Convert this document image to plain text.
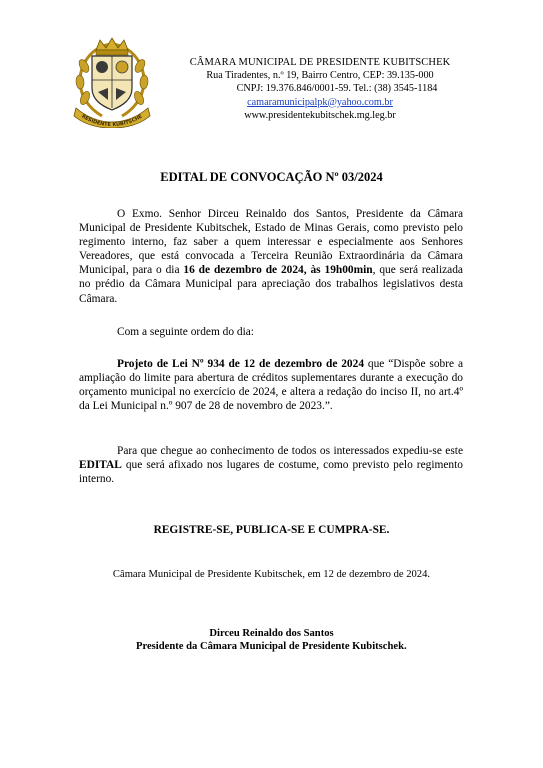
RESIDENTE KUBITSCHE
CÂMARA MUNICIPAL DE PRESIDENTE KUBITSCHEK
Rua Tiradentes, n.º 19, Bairro Centro, CEP: 39.135-000
CNPJ: 19.376.846/0001-59. Tel.: (38) 3545-1184
camaramunicipalpk@yahoo.com.br
www.presidentekubitschek.mg.leg.br
EDITAL DE CONVOCAÇÃO Nº 03/2024
O Exmo. Senhor Dirceu Reinaldo dos Santos, Presidente da Câmara Municipal de Presidente Kubitschek, Estado de Minas Gerais, como previsto pelo regimento interno, faz saber a quem interessar e especialmente aos Senhores Vereadores, que está convocada a Terceira Reunião Extraordinária da Câmara Municipal, para o dia 16 de dezembro de 2024, às 19h00min, que será realizada no prédio da Câmara Municipal para apreciação dos trabalhos legislativos desta Câmara.
Com a seguinte ordem do dia:
Projeto de Lei Nº 934 de 12 de dezembro de 2024 que “Dispõe sobre a ampliação do limite para abertura de créditos suplementares durante a execução do orçamento municipal no exercício de 2024, e altera a redação do inciso II, no art.4º da Lei Municipal n.º 907 de 28 de novembro de 2023.”.
Para que chegue ao conhecimento de todos os interessados expediu-se este EDITAL que será afixado nos lugares de costume, como previsto pelo regimento interno.
REGISTRE-SE, PUBLICA-SE E CUMPRA-SE.
Câmara Municipal de Presidente Kubitschek, em 12 de dezembro de 2024.
Dirceu Reinaldo dos Santos
Presidente da Câmara Municipal de Presidente Kubitschek.
